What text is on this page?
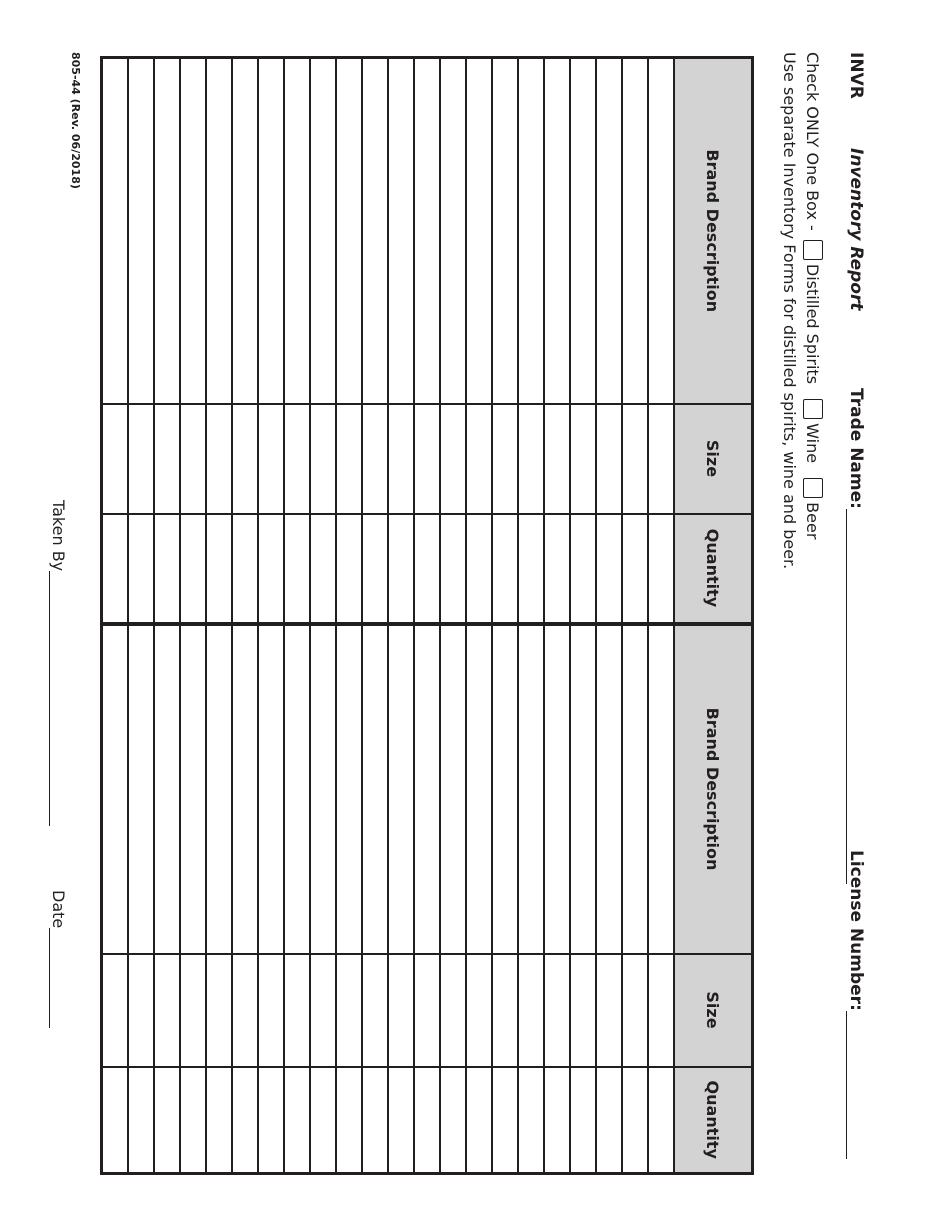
INVR
Inventory Report
Trade Name:
License Number:
Check ONLY One Box - Distilled Spirits Wine Beer
Use separate Inventory Forms for distilled spirits, wine and beer.
Brand Description	Size	Quantity	Brand Description	Size	Quantity

805-44 (Rev. 06/2018)
Taken By
Date
